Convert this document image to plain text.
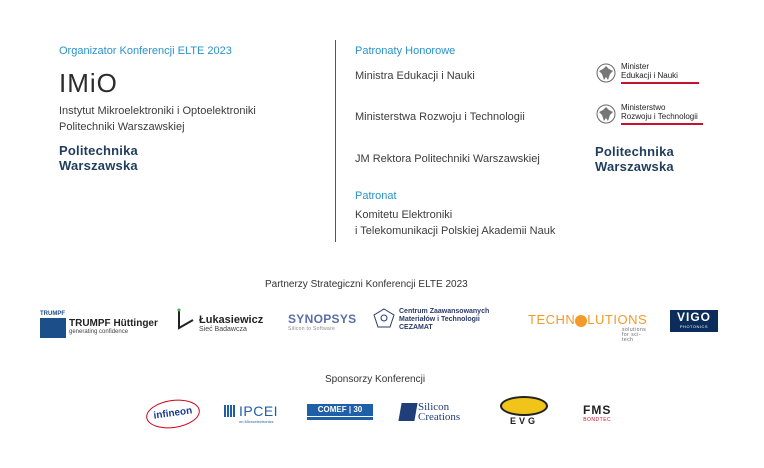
Organizator Konferencji ELTE 2023
IMiO
Instytut Mikroelektroniki i Optoelektroniki
Politechniki Warszawskiej
Politechnika
Warszawska
Patronaty Honorowe
Ministra Edukacji i Nauki
Minister
Edukacji i Nauki
Ministerstwa Rozwoju i Technologii
Ministerstwo
Rozwoju i Technologii
JM Rektora Politechniki Warszawskiej	Politechnika
Warszawska
Patronat
Komitetu Elektroniki
i Telekomunikacji Polskiej Akademii Nauk
Partnerzy Strategiczni Konferencji ELTE 2023
TRUMPF
TRUMPF Hüttinger
generating confidence
Łukasiewicz
Sieć Badawcza
SYNOPSYS
Silicon to Software
Centrum Zaawansowanych
Materiałów i Technologii
CEZAMAT
TECHN LUTIONS
solutions for sci-tech
VIGO
PHOTONICS
Sponsorzy Konferencji
infineon	IPCEI
on Microelectronics
COMEF | 30	Silicon
Creations	EVG
FMS
BONDTEC
